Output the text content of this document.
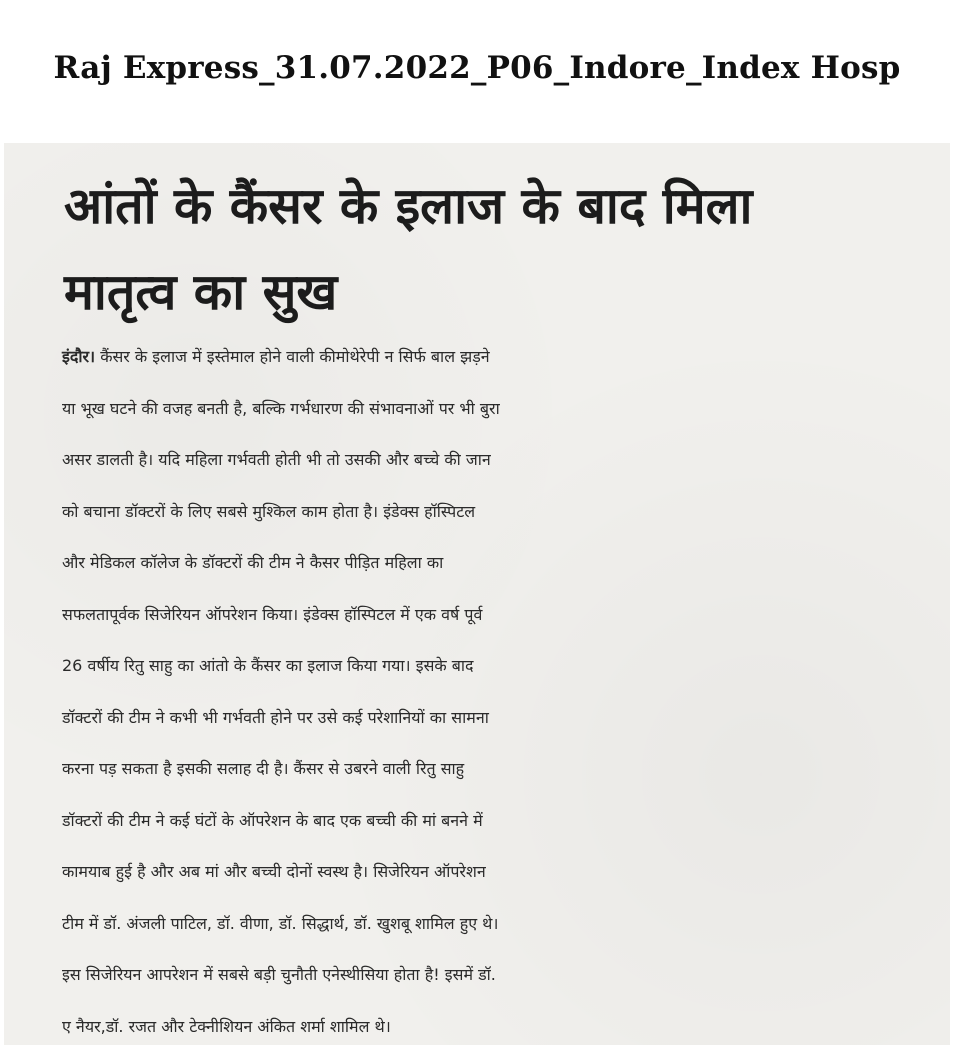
Raj Express_31.07.2022_P06_Indore_Index Hosp
आंतों के कैंसर के इलाज के बाद मिला
मातृत्व का सुख
इंदौर। कैंसर के इलाज में इस्तेमाल होने वाली कीमोथेरेपी न सिर्फ बाल झड़ने
या भूख घटने की वजह बनती है, बल्कि गर्भधारण की संभावनाओं पर भी बुरा
असर डालती है। यदि महिला गर्भवती होती भी तो उसकी और बच्चे की जान
को बचाना डॉक्टरों के लिए सबसे मुश्किल काम होता है। इंडेक्स हॉस्पिटल
और मेडिकल कॉलेज के डॉक्टरों की टीम ने कैसर पीड़ित महिला का
सफलतापूर्वक सिजेरियन ऑपरेशन किया। इंडेक्स हॉस्पिटल में एक वर्ष पूर्व
26 वर्षीय रितु साहु का आंतो के कैंसर का इलाज किया गया। इसके बाद
डॉक्टरों की टीम ने कभी भी गर्भवती होने पर उसे कई परेशानियों का सामना
करना पड़ सकता है इसकी सलाह दी है। कैंसर से उबरने वाली रितु साहु
डॉक्टरों की टीम ने कई घंटों के ऑपरेशन के बाद एक बच्ची की मां बनने में
कामयाब हुई है और अब मां और बच्ची दोनों स्वस्थ है। सिजेरियन ऑपरेशन
टीम में डॉ. अंजली पाटिल, डॉ. वीणा, डॉ. सिद्धार्थ, डॉ. खुशबू शामिल हुए थे।
इस सिजेरियन आपरेशन में सबसे बड़ी चुनौती एनेस्थीसिया होता है! इसमें डॉ.
ए नैयर,डॉ. रजत और टेक्नीशियन अंकित शर्मा शामिल थे।
